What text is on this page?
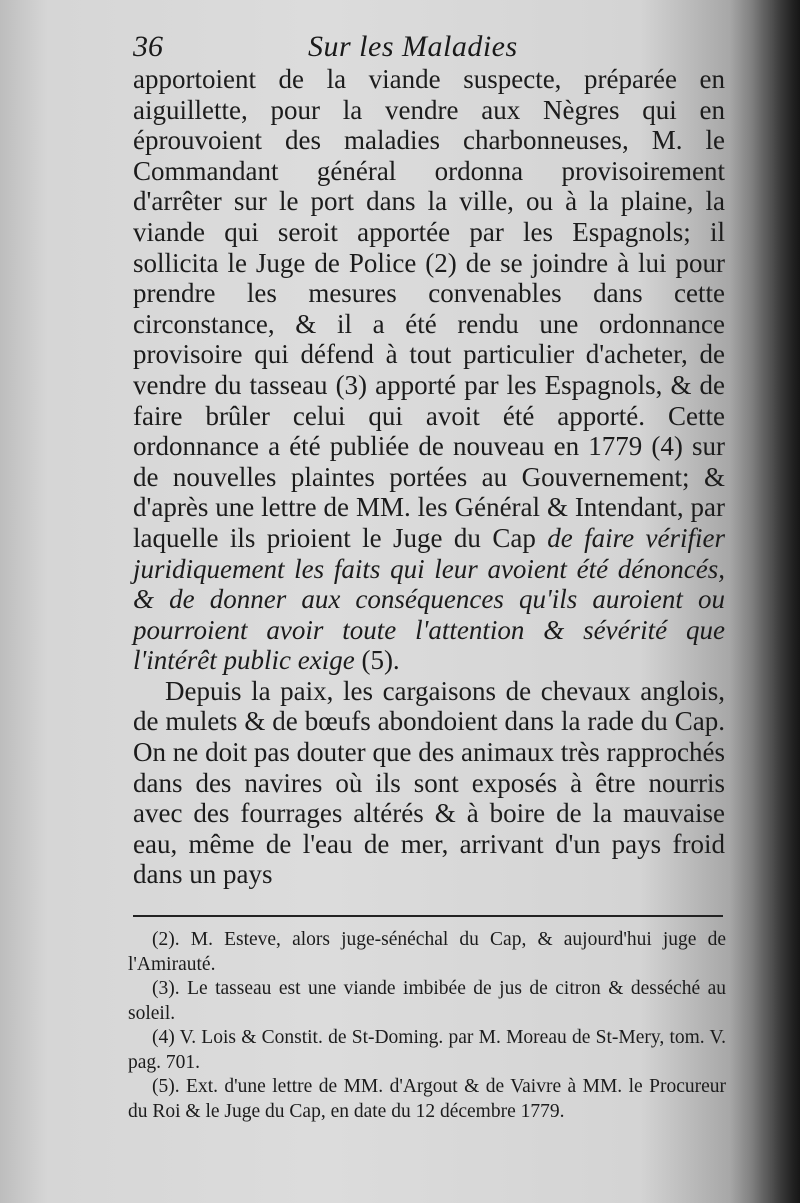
36	Sur les Maladies

apportoient de la viande suspecte, préparée en aiguillette, pour la vendre aux Nègres qui en éprouvoient des maladies charbonneuses, M. le Commandant général ordonna provisoirement d'arrêter sur le port dans la ville, ou à la plaine, la viande qui seroit apportée par les Espagnols; il sollicita le Juge de Police (2) de se joindre à lui pour prendre les mesures convenables dans cette circonstance, & il a été rendu une ordonnance provisoire qui défend à tout particulier d'acheter, de vendre du tasseau (3) apporté par les Espagnols, & de faire brûler celui qui avoit été apporté. Cette ordonnance a été publiée de nouveau en 1779 (4) sur de nouvelles plaintes portées au Gouvernement; & d'après une lettre de MM. les Général & Intendant, par laquelle ils prioient le Juge du Cap de faire vérifier juridiquement les faits qui leur avoient été dénoncés, & de donner aux conséquences qu'ils auroient ou pourroient avoir toute l'attention & sévérité que l'intérêt public exige (5).

Depuis la paix, les cargaisons de chevaux anglois, de mulets & de bœufs abondoient dans la rade du Cap. On ne doit pas douter que des animaux très rapprochés dans des navires où ils sont exposés à être nourris avec des fourrages altérés & à boire de la mauvaise eau, même de l'eau de mer, arrivant d'un pays froid dans un pays

(2). M. Esteve, alors juge-sénéchal du Cap, & aujourd'hui juge de l'Amirauté.

(3). Le tasseau est une viande imbibée de jus de citron & desséché au soleil.

(4) V. Lois & Constit. de St-Doming. par M. Moreau de St-Mery, tom. V. pag. 701.

(5). Ext. d'une lettre de MM. d'Argout & de Vaivre à MM. le Procureur du Roi & le Juge du Cap, en date du 12 décembre 1779.
